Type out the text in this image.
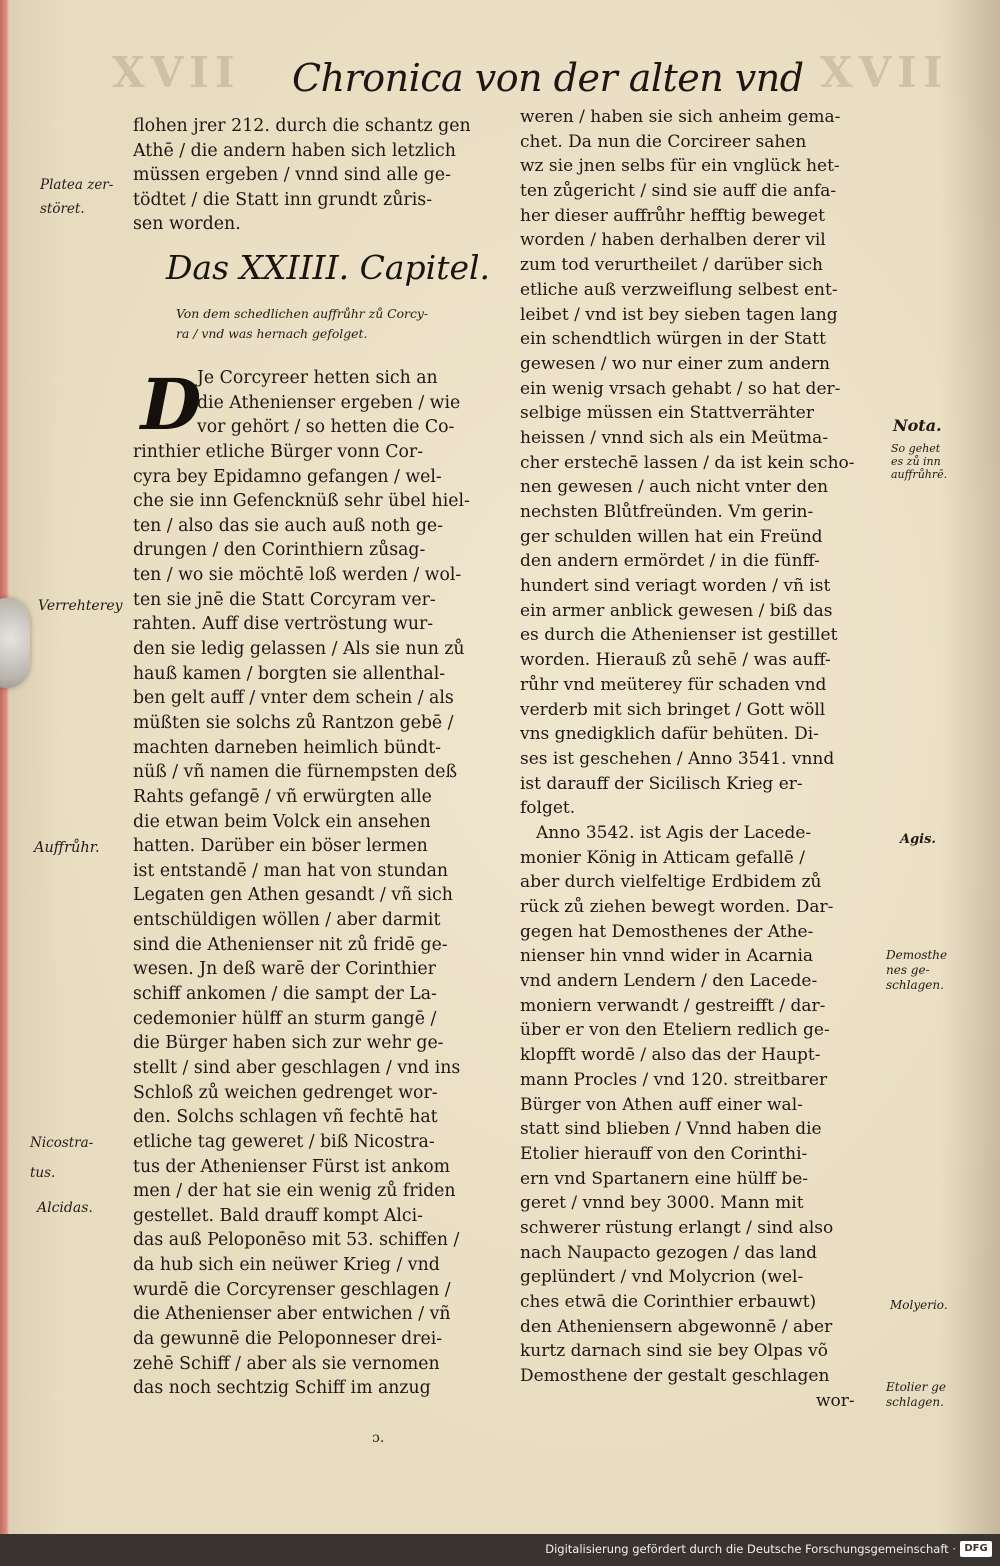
XVII	XVII
Chronica von der alten vnd
flohen jrer 212. durch die schantz gen
Athē / die andern haben sich letzlich
müssen ergeben / vnnd sind alle ge-
tödtet / die Statt inn grundt zůris-
sen worden.
Das XXIIII. Capitel.
Von dem schedlichen auffrůhr zů Corcy-
ra / vnd was hernach gefolget.
D
Je Corcyreer hetten sich an
die Athenienser ergeben / wie
vor gehört / so hetten die Co-
rinthier etliche Bürger vonn Cor-
cyra bey Epidamno gefangen / wel-
che sie inn Gefencknüß sehr übel hiel-
ten / also das sie auch auß noth ge-
drungen / den Corinthiern zůsag-
ten / wo sie möchtē loß werden / wol-
ten sie jnē die Statt Corcyram ver-
rahten. Auff dise vertröstung wur-
den sie ledig gelassen / Als sie nun zů
hauß kamen / borgten sie allenthal-
ben gelt auff / vnter dem schein / als
müßten sie solchs zů Rantzon gebē /
machten darneben heimlich bündt-
nüß / vñ namen die fürnempsten deß
Rahts gefangē / vñ erwürgten alle
die etwan beim Volck ein ansehen
hatten. Darüber ein böser lermen
ist entstandē / man hat von stundan
Legaten gen Athen gesandt / vñ sich
entschüldigen wöllen / aber darmit
sind die Athenienser nit zů fridē ge-
wesen. Jn deß warē der Corinthier
schiff ankomen / die sampt der La-
cedemonier hülff an sturm gangē /
die Bürger haben sich zur wehr ge-
stellt / sind aber geschlagen / vnd ins
Schloß zů weichen gedrenget wor-
den. Solchs schlagen vñ fechtē hat
etliche tag geweret / biß Nicostra-
tus der Athenienser Fürst ist ankom
men / der hat sie ein wenig zů friden
gestellet. Bald drauff kompt Alci-
das auß Peloponēso mit 53. schiffen /
da hub sich ein neüwer Krieg / vnd
wurdē die Corcyrenser geschlagen /
die Athenienser aber entwichen / vñ
da gewunnē die Peloponneser drei-
zehē Schiff / aber als sie vernomen
das noch sechtzig Schiff im anzug
weren / haben sie sich anheim gema-
chet. Da nun die Corcireer sahen
wz sie jnen selbs für ein vnglück het-
ten zůgericht / sind sie auff die anfa-
her dieser auffrůhr hefftig beweget
worden / haben derhalben derer vil
zum tod verurtheilet / darüber sich
etliche auß verzweiflung selbest ent-
leibet / vnd ist bey sieben tagen lang
ein schendtlich würgen in der Statt
gewesen / wo nur einer zum andern
ein wenig vrsach gehabt / so hat der-
selbige müssen ein Stattverrähter
heissen / vnnd sich als ein Meütma-
cher erstechē lassen / da ist kein scho-
nen gewesen / auch nicht vnter den
nechsten Blůtfreünden. Vm gerin-
ger schulden willen hat ein Freünd
den andern ermördet / in die fünff-
hundert sind veriagt worden / vñ ist
ein armer anblick gewesen / biß das
es durch die Athenienser ist gestillet
worden. Hierauß zů sehē / was auff-
růhr vnd meüterey für schaden vnd
verderb mit sich bringet / Gott wöll
vns gnedigklich dafür behüten. Di-
ses ist geschehen / Anno 3541. vnnd
ist darauff der Sicilisch Krieg er-
folget.
Anno 3542. ist Agis der Lacede-
monier König in Atticam gefallē /
aber durch vielfeltige Erdbidem zů
rück zů ziehen bewegt worden. Dar-
gegen hat Demosthenes der Athe-
nienser hin vnnd wider in Acarnia
vnd andern Lendern / den Lacede-
moniern verwandt / gestreifft / dar-
über er von den Eteliern redlich ge-
klopfft wordē / also das der Haupt-
mann Procles / vnd 120. streitbarer
Bürger von Athen auff einer wal-
statt sind blieben / Vnnd haben die
Etolier hierauff von den Corinthi-
ern vnd Spartanern eine hülff be-
geret / vnnd bey 3000. Mann mit
schwerer rüstung erlangt / sind also
nach Naupacto gezogen / das land
geplündert / vnd Molycrion (wel-
ches etwā die Corinthier erbauwt)
den Atheniensern abgewonnē / aber
kurtz darnach sind sie bey Olpas võ
Demosthene der gestalt geschlagen
wor-
Platea zer-
störet.
Verrehterey
Auffrůhr.
Nicostra-
tus.
Alcidas.
Nota.
So gehet
es zů inn
auffrůhrē.
Agis.
Demosthe
nes ge-
schlagen.
Molyerio.
Etolier ge
schlagen.
ɔ.
Digitalisierung gefördert durch die Deutsche Forschungsgemeinschaft · DFG
